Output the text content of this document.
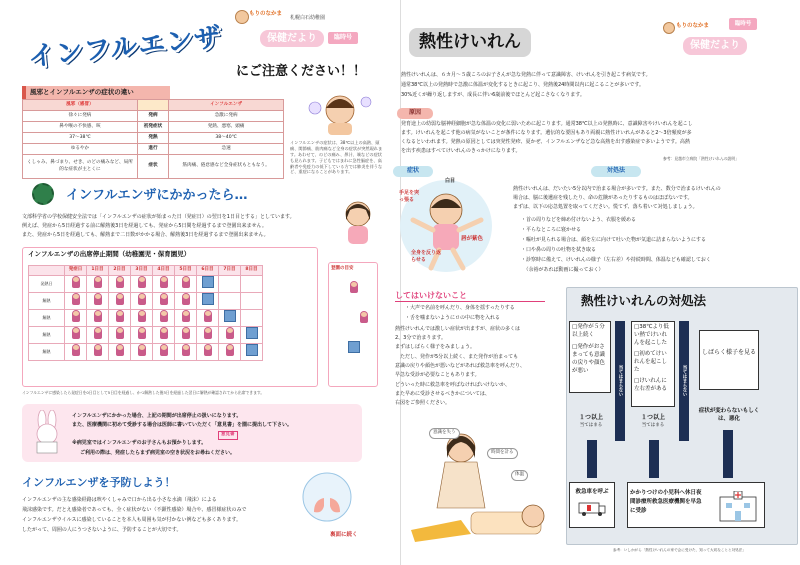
もりのなかま
札幌白石幼稚園
保健だより	臨時号
インフルエンザ にご注意ください！！
風邪とインフルエンザの症状の違い
風邪（感冒）		インフルエンザ
徐々に発病	発病	急激に発病
鼻や喉の不快感、咳	初発症状	発熱、悪寒、頭痛
37～38℃	発熱	38～40℃
ゆるやか	進行	急速
くしゃみ、鼻づまり、せき、のどの痛みなど、局所的な症状が主とくに	症状	筋肉痛、倦怠感など全身症状もともなう。
インフルエンザの症状は、38℃以上の高熱、頭痛、関節痛、筋肉痛など全身の症状が突然現れます。あわせて、のどの痛み、鼻汁、咳などの症状も見られます。子どもではまれに急性脳症を、高齢者や免疫力の低下している方では肺炎を伴うなど、重症になることがあります。
インフルエンザにかかったら…
文部科学省の学校保健安全法では「インフルエンザの症状が始まった日（発症日）の翌日を1日目とする」としています。
例えば、発症から5日経過する前に解熱後3日を経過しても、発症から5日間を経過するまで登園出来ません。
また、発症から5日を経過しても、解熱まで二日数がかかる場合、解熱後3日を経過するまで登園出来ません。
インフルエンザの出席停止期間（幼稚園児・保育園児）
	発症日	1日目	2日目	3日目	4日目	5日目	6日目	7日目	8日目
発熱日									
解熱									
解熱									
解熱									
解熱									
登園の目安

インフルエンザに感染したら発症日を0日目として5日目を経過し、かつ解熱した後3日を経過した翌日に解熱が確認されてから出席できます。
インフルエンザにかかった場合、上記の期間が出席停止の扱いになります。
また、医療機関に初めて受診する場合は医師に書いていただく「意見書」を園に提出して下さい。
意見書
※病児室ではインフルエンザのお子さんもお預かりします。
ご利用の際は、発症したらまず病児室の空き状況をお尋ねください。
インフルエンザを予防しよう！
インフルエンザの主な感染経路は咳やくしゃみで口から出る小さな水滴（飛沫）による
飛沫感染です。だとえ感染者であっても、全く症状がない（不顕性感染）場合や、感冒様症状のみで
インフルエンザウイルスに感染していることを本人も周囲も気が付かない例なども多くあります。
したがって、周囲の人にうつさないように、予防することが大切です。
裏面に続く
熱性けいれん
もりのなかま	臨時号
保健だより
熱性けいれんは、６カ月～５歳ころのお子さんが急な発熱に伴って意識障害、けいれんを引き起こす病気です。
通常38℃以上の発熱時で急激に体温が変化するときに起こり、発熱後24時間以内に起こることが多いです。
30%近くが繰り返しますが、成長に伴い6歳前後でほとんど起こさなくなります。
原因
発育途上の幼弱な脳神経細胞が急な体温の変化に弱いために起こります。通常38℃以上の発熱時に、意識障害やけいれんを起こし
ます。けいれんを起こす他の病気がないことが条件になります。遺伝的な要因もあり両親に熱性けいれんがあると2～3倍頻度が多
くなるといわれます。発熱の原因としては突発性発疹、夏かぜ、インフルエンザなど急な高熱を出す感染症で多いようです。高熱
を出す疾患はすべてけいれんのきっかけになります。
参考：見越市立病院「熱性けいれんの説明」
症状	対処法
白目
手足を突っ張る
唇が紫色
全身を反り返らせる
熱性けいれんは、だいたい5分以内で治まる場合が多いです。また、数分で治まるけいれんの
場合は、脳に後遺症を残したり、命の危険があったりするものはほぼないです。
まずは、以下の応急処置を取ってください。慌てず、落ち着いて対処しましょう。
・首の周りなどを締め付けないよう、衣服を緩める
・平らなところに寝かせる
・嘔吐が見られる場合は、顔を左に向けて吐いた物が気道に詰まらないようにする
・口や鼻の周りの吐物を拭き取る
・診察時に備えて、けいれんの様子（左右差）や持続時間、体温なども確認しておく
　（余裕があれば動画に撮っておく）
してはいけないこと
・大声で名前を呼んだり、身体を揺すったりする
・舌を噛まないようにロの中に物を入れる
熱性けいれんでは激しい症状が出ますが、症状の多くは
2、3分で治まります。
まずはしばらく様子をみましょう。
　ただし、発作が5分以上続く、また発作が治まっても
意識の戻りや顔色が悪いなどがあれば救急車を呼んだり、
早急な受診が必要なこともあります。
どういった時に救急車を呼ばなければいけないか、
また早めに受診させるべきかについては、
右図をご参照ください。
意識を失う
時間を計る
体温
熱性けいれんの対処法
□発作が５分以上続く
□発作がおさまっても意識の戻りや顔色が悪い	当てはまらない
□38℃より低い熱でけいれんを起こした
□初めてけいれんを起こした
□けいれんに左右差がある	当てはまらない
しばらく様子を見る
症状が変わらないもしくは、悪化
１つ以上
当てはまる
１つ以上
当てはまる
救急車を呼ぶ	かかりつけの小児科へ休日夜間診療所救急医療機関を早急に受診
参考：いしかがら「熱性けいれんの家で会に受けた、知って大切なことと対処法」
